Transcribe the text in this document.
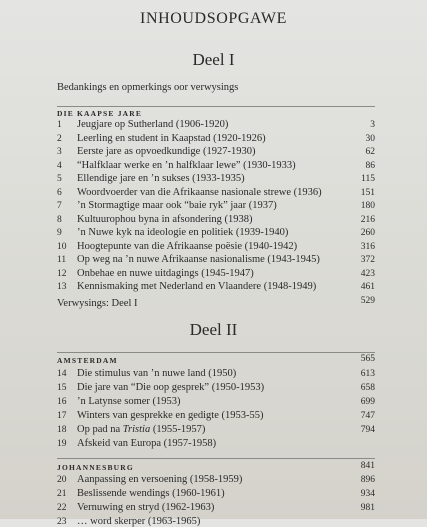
INHOUDSOPGAWE
Deel I
Bedankings en opmerkings oor verwysings
DIE KAAPSE JARE
1	Jeugjare op Sutherland (1906-1920)	3
2	Leerling en student in Kaapstad (1920-1926)	30
3	Eerste jare as opvoedkundige (1927-1930)	62
4	“Halfklaar werke en ’n halfklaar lewe” (1930-1933)	86
5	Ellendige jare en ’n sukses (1933-1935)	115
6	Woordvoerder van die Afrikaanse nasionale strewe (1936)	151
7	’n Stormagtige maar ook “baie ryk” jaar (1937)	180
8	Kultuurophou byna in afsondering (1938)	216
9	’n Nuwe kyk na ideologie en politiek (1939-1940)	260
10	Hoogtepunte van die Afrikaanse poësie (1940-1942)	316
11	Op weg na ’n nuwe Afrikaanse nasionalisme (1943-1945)	372
12	Onbehae en nuwe uitdagings (1945-1947)	423
13	Kennismaking met Nederland en Vlaandere (1948-1949)	461
Verwysings: Deel I	529
Deel II
AMSTERDAM	565
14	Die stimulus van ’n nuwe land (1950)	613
15	Die jare van “Die oop gesprek” (1950-1953)	658
16	’n Latynse somer (1953)	699
17	Winters van gesprekke en gedigte (1953-55)	747
18	Op pad na Tristia (1955-1957)	794
19	Afskeid van Europa (1957-1958)
JOHANNESBURG	841
20	Aanpassing en versoening (1958-1959)	896
21	Beslissende wendings (1960-1961)	934
22	Vernuwing en stryd (1962-1963)	981
23	… word skerper (1963-1965)
